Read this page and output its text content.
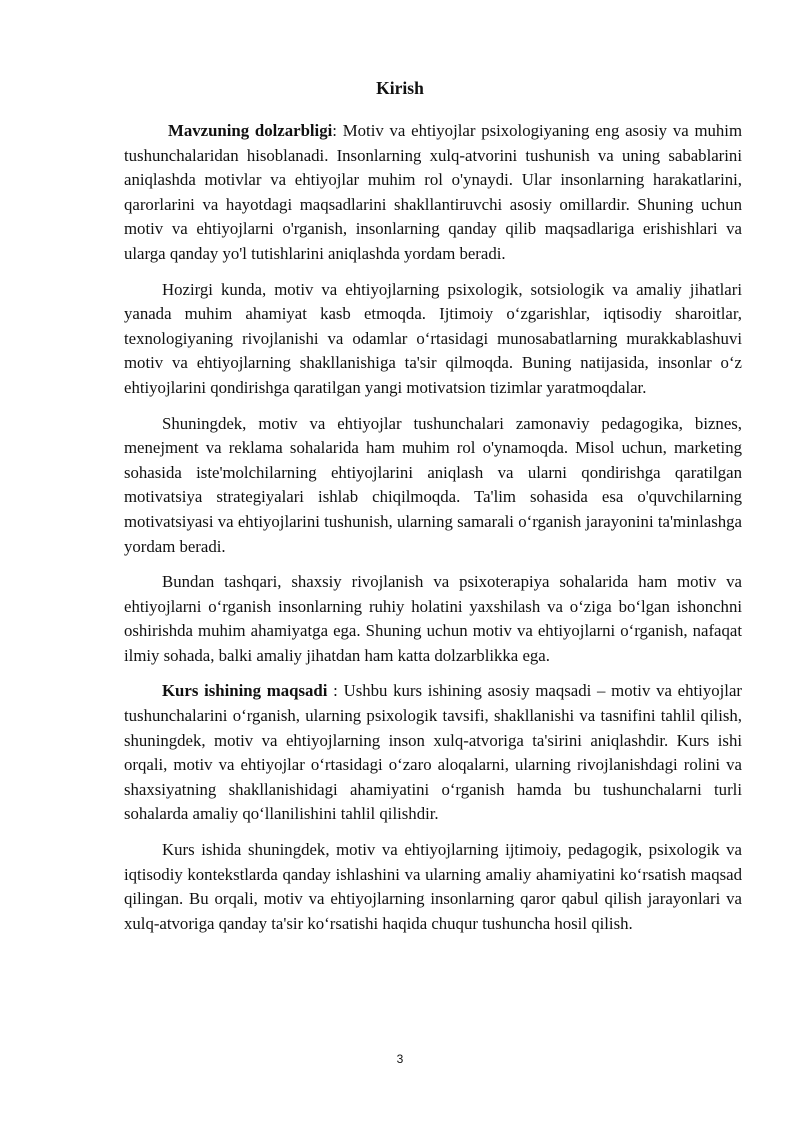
Kirish

Mavzuning dolzarbligi: Motiv va ehtiyojlar psixologiyaning eng asosiy va muhim tushunchalaridan hisoblanadi. Insonlarning xulq-atvorini tushunish va uning sabablarini aniqlashda motivlar va ehtiyojlar muhim rol o'ynaydi. Ular insonlarning harakatlarini, qarorlarini va hayotdagi maqsadlarini shakllantiruvchi asosiy omillardir. Shuning uchun motiv va ehtiyojlarni o'rganish, insonlarning qanday qilib maqsadlariga erishishlari va ularga qanday yo'l tutishlarini aniqlashda yordam beradi.

Hozirgi kunda, motiv va ehtiyojlarning psixologik, sotsiologik va amaliy jihatlari yanada muhim ahamiyat kasb etmoqda. Ijtimoiy o‘zgarishlar, iqtisodiy sharoitlar, texnologiyaning rivojlanishi va odamlar o‘rtasidagi munosabatlarning murakkablashuvi motiv va ehtiyojlarning shakllanishiga ta'sir qilmoqda. Buning natijasida, insonlar o‘z ehtiyojlarini qondirishga qaratilgan yangi motivatsion tizimlar yaratmoqdalar.

Shuningdek, motiv va ehtiyojlar tushunchalari zamonaviy pedagogika, biznes, menejment va reklama sohalarida ham muhim rol o'ynamoqda. Misol uchun, marketing sohasida iste'molchilarning ehtiyojlarini aniqlash va ularni qondirishga qaratilgan motivatsiya strategiyalari ishlab chiqilmoqda. Ta'lim sohasida esa o'quvchilarning motivatsiyasi va ehtiyojlarini tushunish, ularning samarali o‘rganish jarayonini ta'minlashga yordam beradi.

Bundan tashqari, shaxsiy rivojlanish va psixoterapiya sohalarida ham motiv va ehtiyojlarni o‘rganish insonlarning ruhiy holatini yaxshilash va o‘ziga bo‘lgan ishonchni oshirishda muhim ahamiyatga ega. Shuning uchun motiv va ehtiyojlarni o‘rganish, nafaqat ilmiy sohada, balki amaliy jihatdan ham katta dolzarblikka ega.

Kurs ishining maqsadi : Ushbu kurs ishining asosiy maqsadi – motiv va ehtiyojlar tushunchalarini o‘rganish, ularning psixologik tavsifi, shakllanishi va tasnifini tahlil qilish, shuningdek, motiv va ehtiyojlarning inson xulq-atvoriga ta'sirini aniqlashdir. Kurs ishi orqali, motiv va ehtiyojlar o‘rtasidagi o‘zaro aloqalarni, ularning rivojlanishdagi rolini va shaxsiyatning shakllanishidagi ahamiyatini o‘rganish hamda bu tushunchalarni turli sohalarda amaliy qo‘llanilishini tahlil qilishdir.

Kurs ishida shuningdek, motiv va ehtiyojlarning ijtimoiy, pedagogik, psixologik va iqtisodiy kontekstlarda qanday ishlashini va ularning amaliy ahamiyatini ko‘rsatish maqsad qilingan. Bu orqali, motiv va ehtiyojlarning insonlarning qaror qabul qilish jarayonlari va xulq-atvoriga qanday ta'sir ko‘rsatishi haqida chuqur tushuncha hosil qilish.

3
